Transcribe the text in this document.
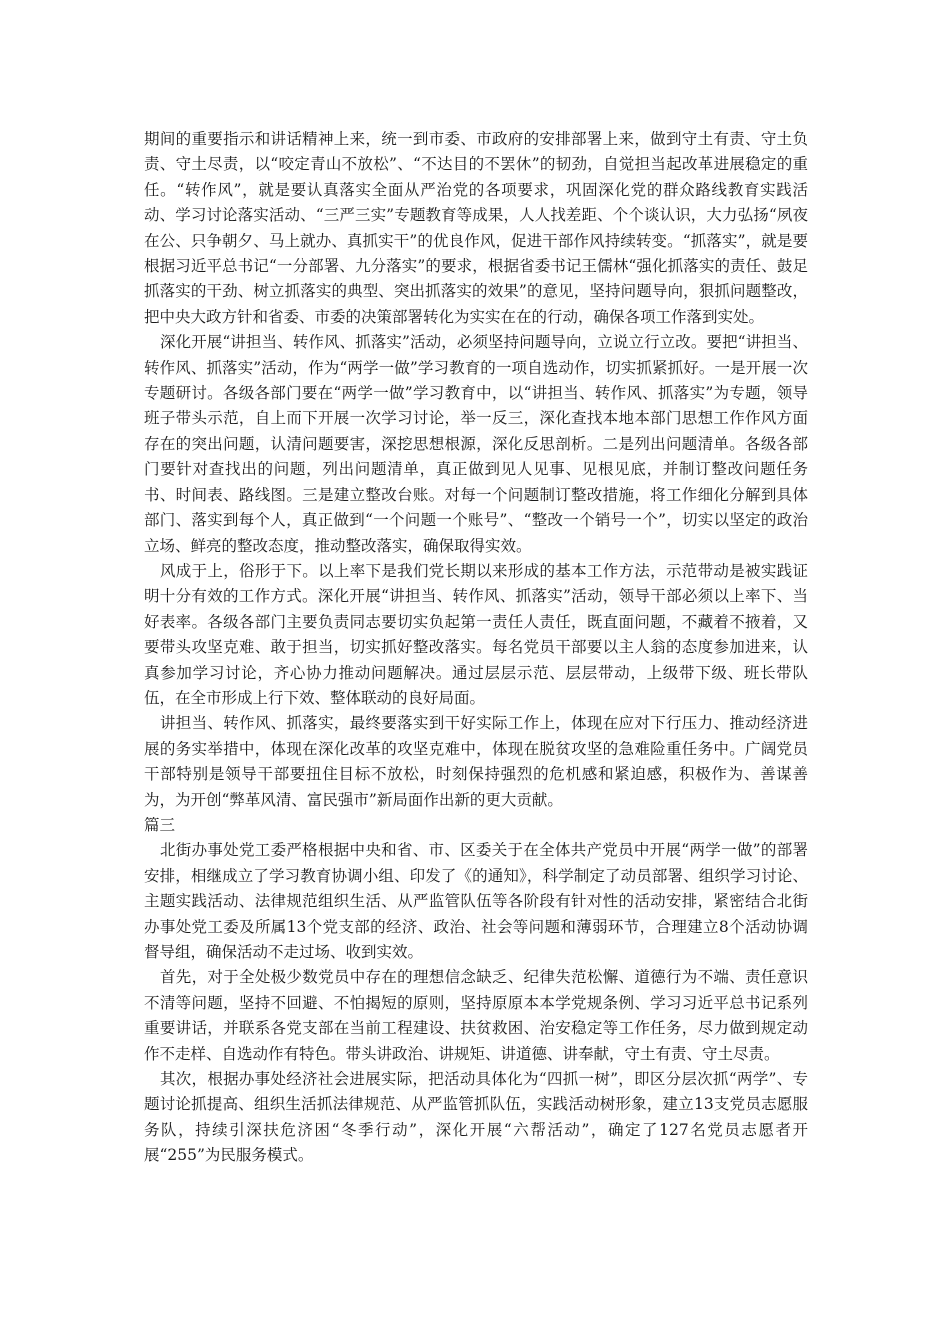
期间的重要指示和讲话精神上来，统一到市委、市政府的安排部署上来，做到守土有责、守土负责、守土尽责，以“咬定青山不放松”、“不达目的不罢休”的韧劲，自觉担当起改革进展稳定的重任。“转作风”，就是要认真落实全面从严治党的各项要求，巩固深化党的群众路线教育实践活动、学习讨论落实活动、“三严三实”专题教育等成果，人人找差距、个个谈认识，大力弘扬“夙夜在公、只争朝夕、马上就办、真抓实干”的优良作风，促进干部作风持续转变。“抓落实”，就是要根据习近平总书记“一分部署、九分落实”的要求，根据省委书记王儒林“强化抓落实的责任、鼓足抓落实的干劲、树立抓落实的典型、突出抓落实的效果”的意见，坚持问题导向，狠抓问题整改，把中央大政方针和省委、市委的决策部署转化为实实在在的行动，确保各项工作落到实处。

深化开展“讲担当、转作风、抓落实”活动，必须坚持问题导向，立说立行立改。要把“讲担当、转作风、抓落实”活动，作为“两学一做”学习教育的一项自选动作，切实抓紧抓好。一是开展一次专题研讨。各级各部门要在“两学一做”学习教育中，以“讲担当、转作风、抓落实”为专题，领导班子带头示范，自上而下开展一次学习讨论，举一反三，深化查找本地本部门思想工作作风方面存在的突出问题，认清问题要害，深挖思想根源，深化反思剖析。二是列出问题清单。各级各部门要针对查找出的问题，列出问题清单，真正做到见人见事、见根见底，并制订整改问题任务书、时间表、路线图。三是建立整改台账。对每一个问题制订整改措施，将工作细化分解到具体部门、落实到每个人，真正做到“一个问题一个账号”、“整改一个销号一个”，切实以坚定的政治立场、鲜亮的整改态度，推动整改落实，确保取得实效。

风成于上，俗形于下。以上率下是我们党长期以来形成的基本工作方法，示范带动是被实践证明十分有效的工作方式。深化开展“讲担当、转作风、抓落实”活动，领导干部必须以上率下、当好表率。各级各部门主要负责同志要切实负起第一责任人责任，既直面问题，不藏着不掖着，又要带头攻坚克难、敢于担当，切实抓好整改落实。每名党员干部要以主人翁的态度参加进来，认真参加学习讨论，齐心协力推动问题解决。通过层层示范、层层带动，上级带下级、班长带队伍，在全市形成上行下效、整体联动的良好局面。

讲担当、转作风、抓落实，最终要落实到干好实际工作上，体现在应对下行压力、推动经济进展的务实举措中，体现在深化改革的攻坚克难中，体现在脱贫攻坚的急难险重任务中。广阔党员干部特别是领导干部要扭住目标不放松，时刻保持强烈的危机感和紧迫感，积极作为、善谋善为，为开创“弊革风清、富民强市”新局面作出新的更大贡献。

篇三

北街办事处党工委严格根据中央和省、市、区委关于在全体共产党员中开展“两学一做”的部署安排，相继成立了学习教育协调小组、印发了《的通知》，科学制定了动员部署、组织学习讨论、主题实践活动、法律规范组织生活、从严监管队伍等各阶段有针对性的活动安排，紧密结合北街办事处党工委及所属13个党支部的经济、政治、社会等问题和薄弱环节，合理建立8个活动协调督导组，确保活动不走过场、收到实效。

首先，对于全处极少数党员中存在的理想信念缺乏、纪律失范松懈、道德行为不端、责任意识不清等问题，坚持不回避、不怕揭短的原则，坚持原原本本学党规条例、学习习近平总书记系列重要讲话，并联系各党支部在当前工程建设、扶贫救困、治安稳定等工作任务，尽力做到规定动作不走样、自选动作有特色。带头讲政治、讲规矩、讲道德、讲奉献，守土有责、守土尽责。

其次，根据办事处经济社会进展实际，把活动具体化为“四抓一树”，即区分层次抓“两学”、专题讨论抓提高、组织生活抓法律规范、从严监管抓队伍，实践活动树形象，建立13支党员志愿服务队，持续引深扶危济困“冬季行动”，深化开展“六帮活动”，确定了127名党员志愿者开展“255”为民服务模式。
